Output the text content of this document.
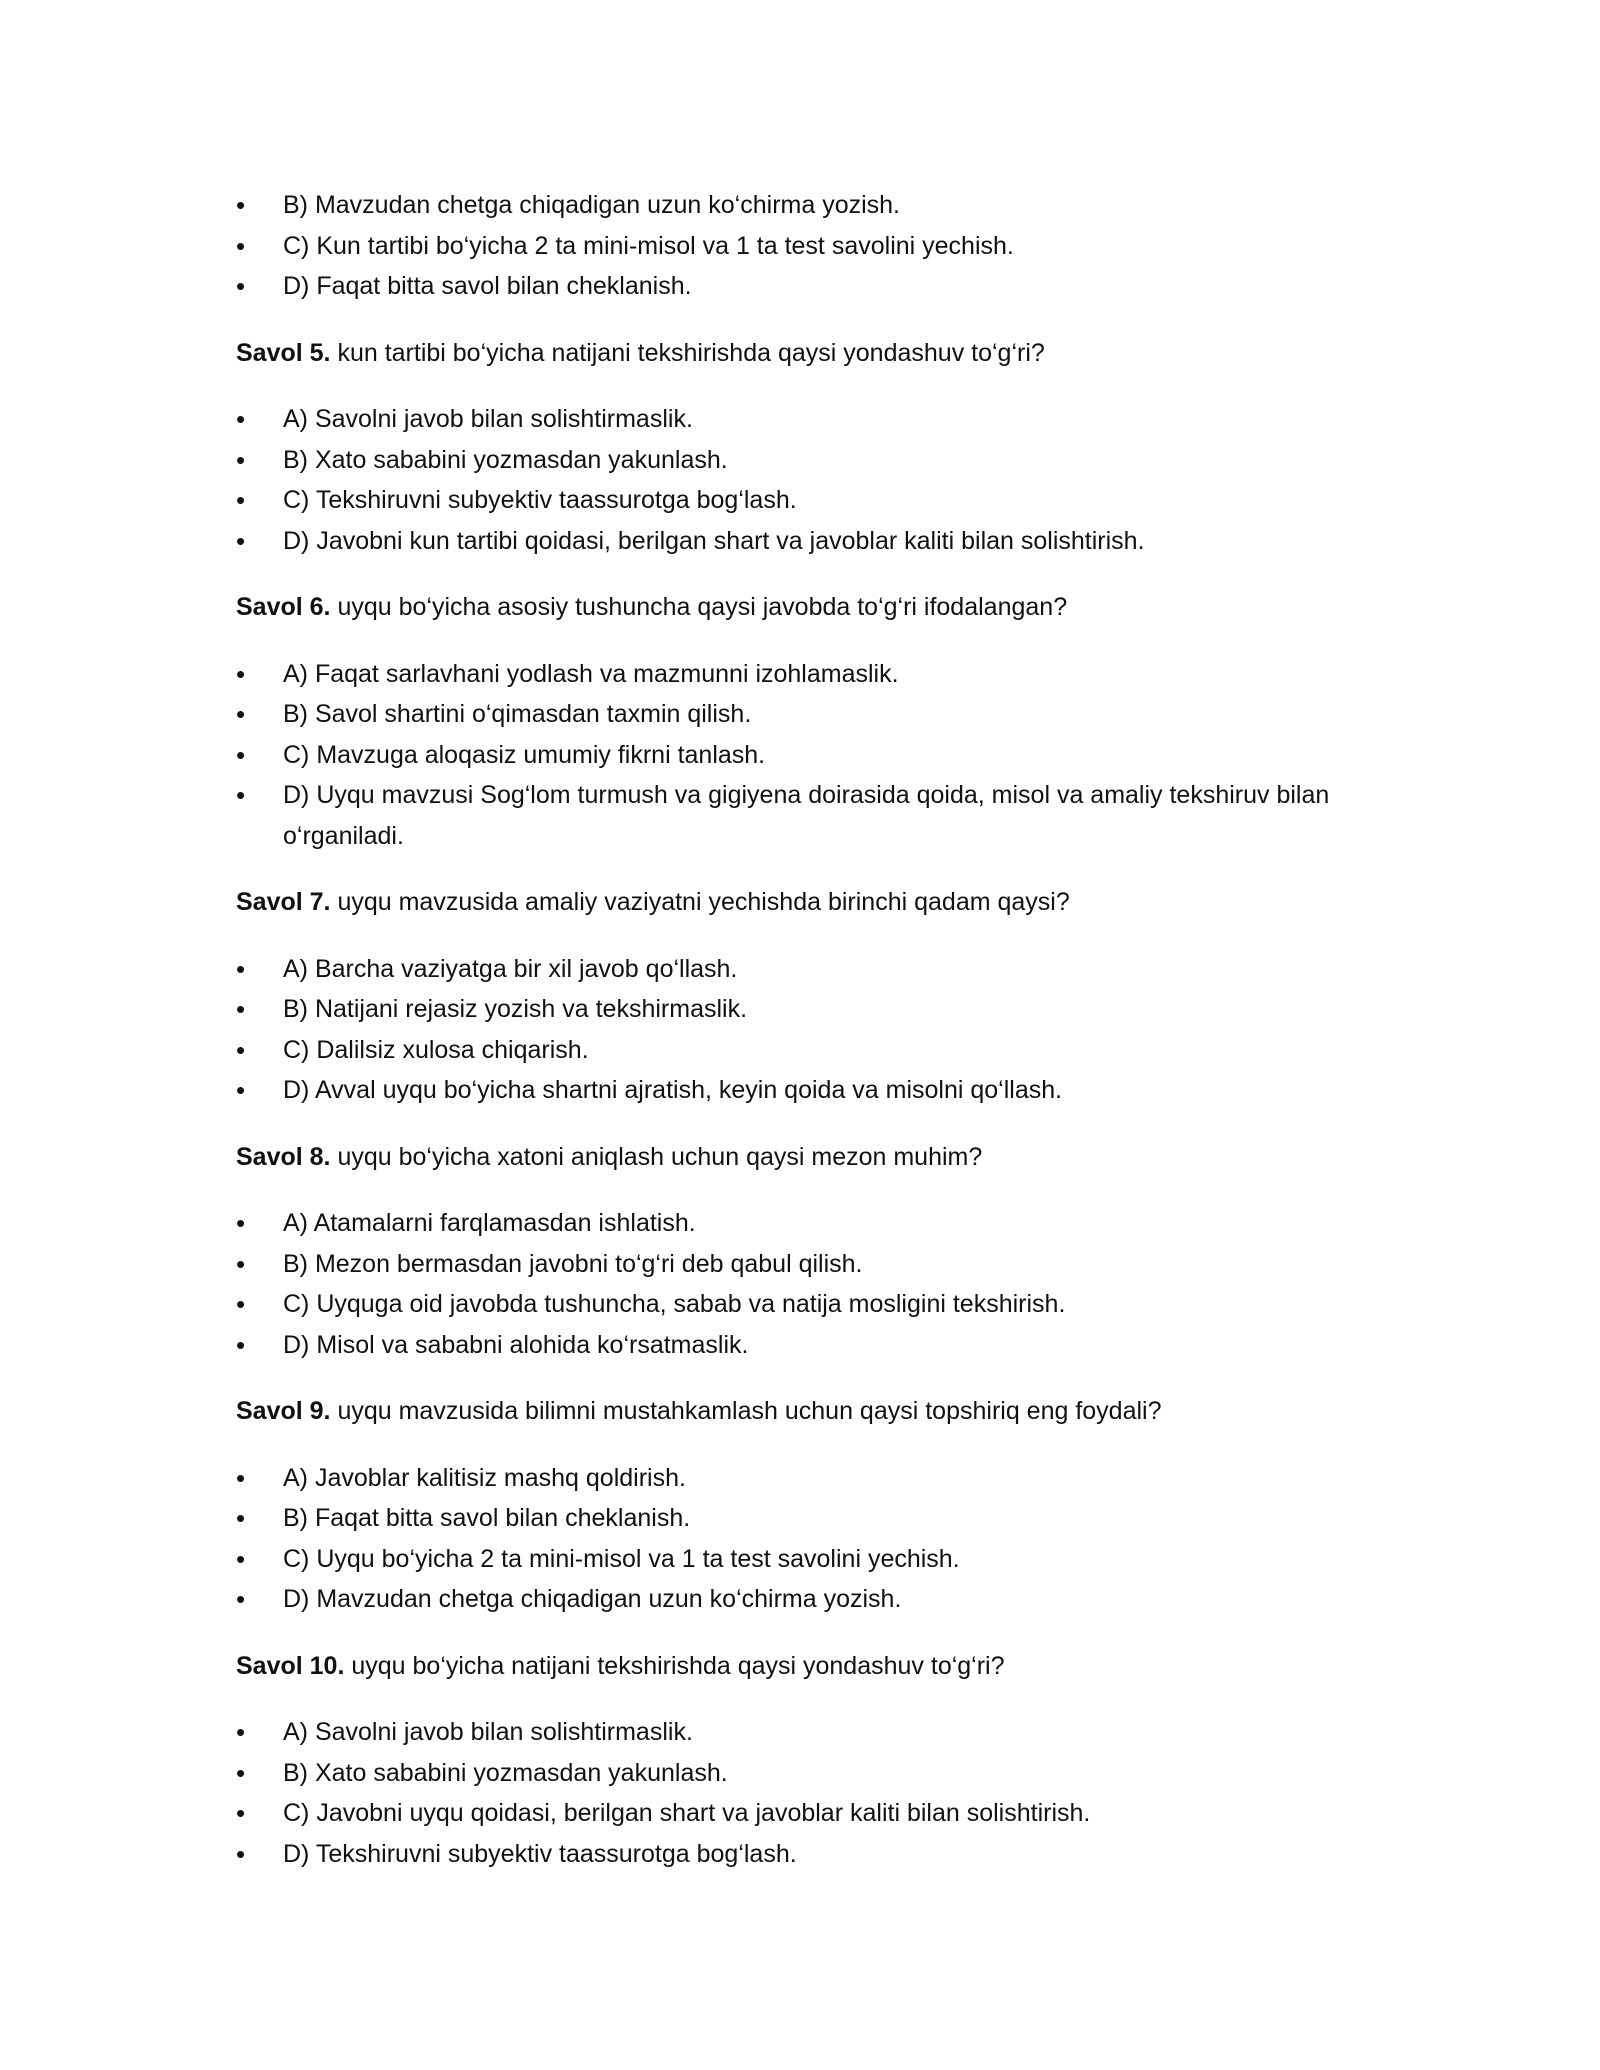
•	B) Mavzudan chetga chiqadigan uzun ko‘chirma yozish.
•	C) Kun tartibi bo‘yicha 2 ta mini-misol va 1 ta test savolini yechish.
•	D) Faqat bitta savol bilan cheklanish.

Savol 5. kun tartibi bo‘yicha natijani tekshirishda qaysi yondashuv to‘g‘ri?

•	A) Savolni javob bilan solishtirmaslik.
•	B) Xato sababini yozmasdan yakunlash.
•	C) Tekshiruvni subyektiv taassurotga bog‘lash.
•	D) Javobni kun tartibi qoidasi, berilgan shart va javoblar kaliti bilan solishtirish.

Savol 6. uyqu bo‘yicha asosiy tushuncha qaysi javobda to‘g‘ri ifodalangan?

•	A) Faqat sarlavhani yodlash va mazmunni izohlamaslik.
•	B) Savol shartini o‘qimasdan taxmin qilish.
•	C) Mavzuga aloqasiz umumiy fikrni tanlash.
•	D) Uyqu mavzusi Sog‘lom turmush va gigiyena doirasida qoida, misol va amaliy tekshiruv bilan o‘rganiladi.

Savol 7. uyqu mavzusida amaliy vaziyatni yechishda birinchi qadam qaysi?

•	A) Barcha vaziyatga bir xil javob qo‘llash.
•	B) Natijani rejasiz yozish va tekshirmaslik.
•	C) Dalilsiz xulosa chiqarish.
•	D) Avval uyqu bo‘yicha shartni ajratish, keyin qoida va misolni qo‘llash.

Savol 8. uyqu bo‘yicha xatoni aniqlash uchun qaysi mezon muhim?

•	A) Atamalarni farqlamasdan ishlatish.
•	B) Mezon bermasdan javobni to‘g‘ri deb qabul qilish.
•	C) Uyquga oid javobda tushuncha, sabab va natija mosligini tekshirish.
•	D) Misol va sababni alohida ko‘rsatmaslik.

Savol 9. uyqu mavzusida bilimni mustahkamlash uchun qaysi topshiriq eng foydali?

•	A) Javoblar kalitisiz mashq qoldirish.
•	B) Faqat bitta savol bilan cheklanish.
•	C) Uyqu bo‘yicha 2 ta mini-misol va 1 ta test savolini yechish.
•	D) Mavzudan chetga chiqadigan uzun ko‘chirma yozish.

Savol 10. uyqu bo‘yicha natijani tekshirishda qaysi yondashuv to‘g‘ri?

•	A) Savolni javob bilan solishtirmaslik.
•	B) Xato sababini yozmasdan yakunlash.
•	C) Javobni uyqu qoidasi, berilgan shart va javoblar kaliti bilan solishtirish.
•	D) Tekshiruvni subyektiv taassurotga bog‘lash.
